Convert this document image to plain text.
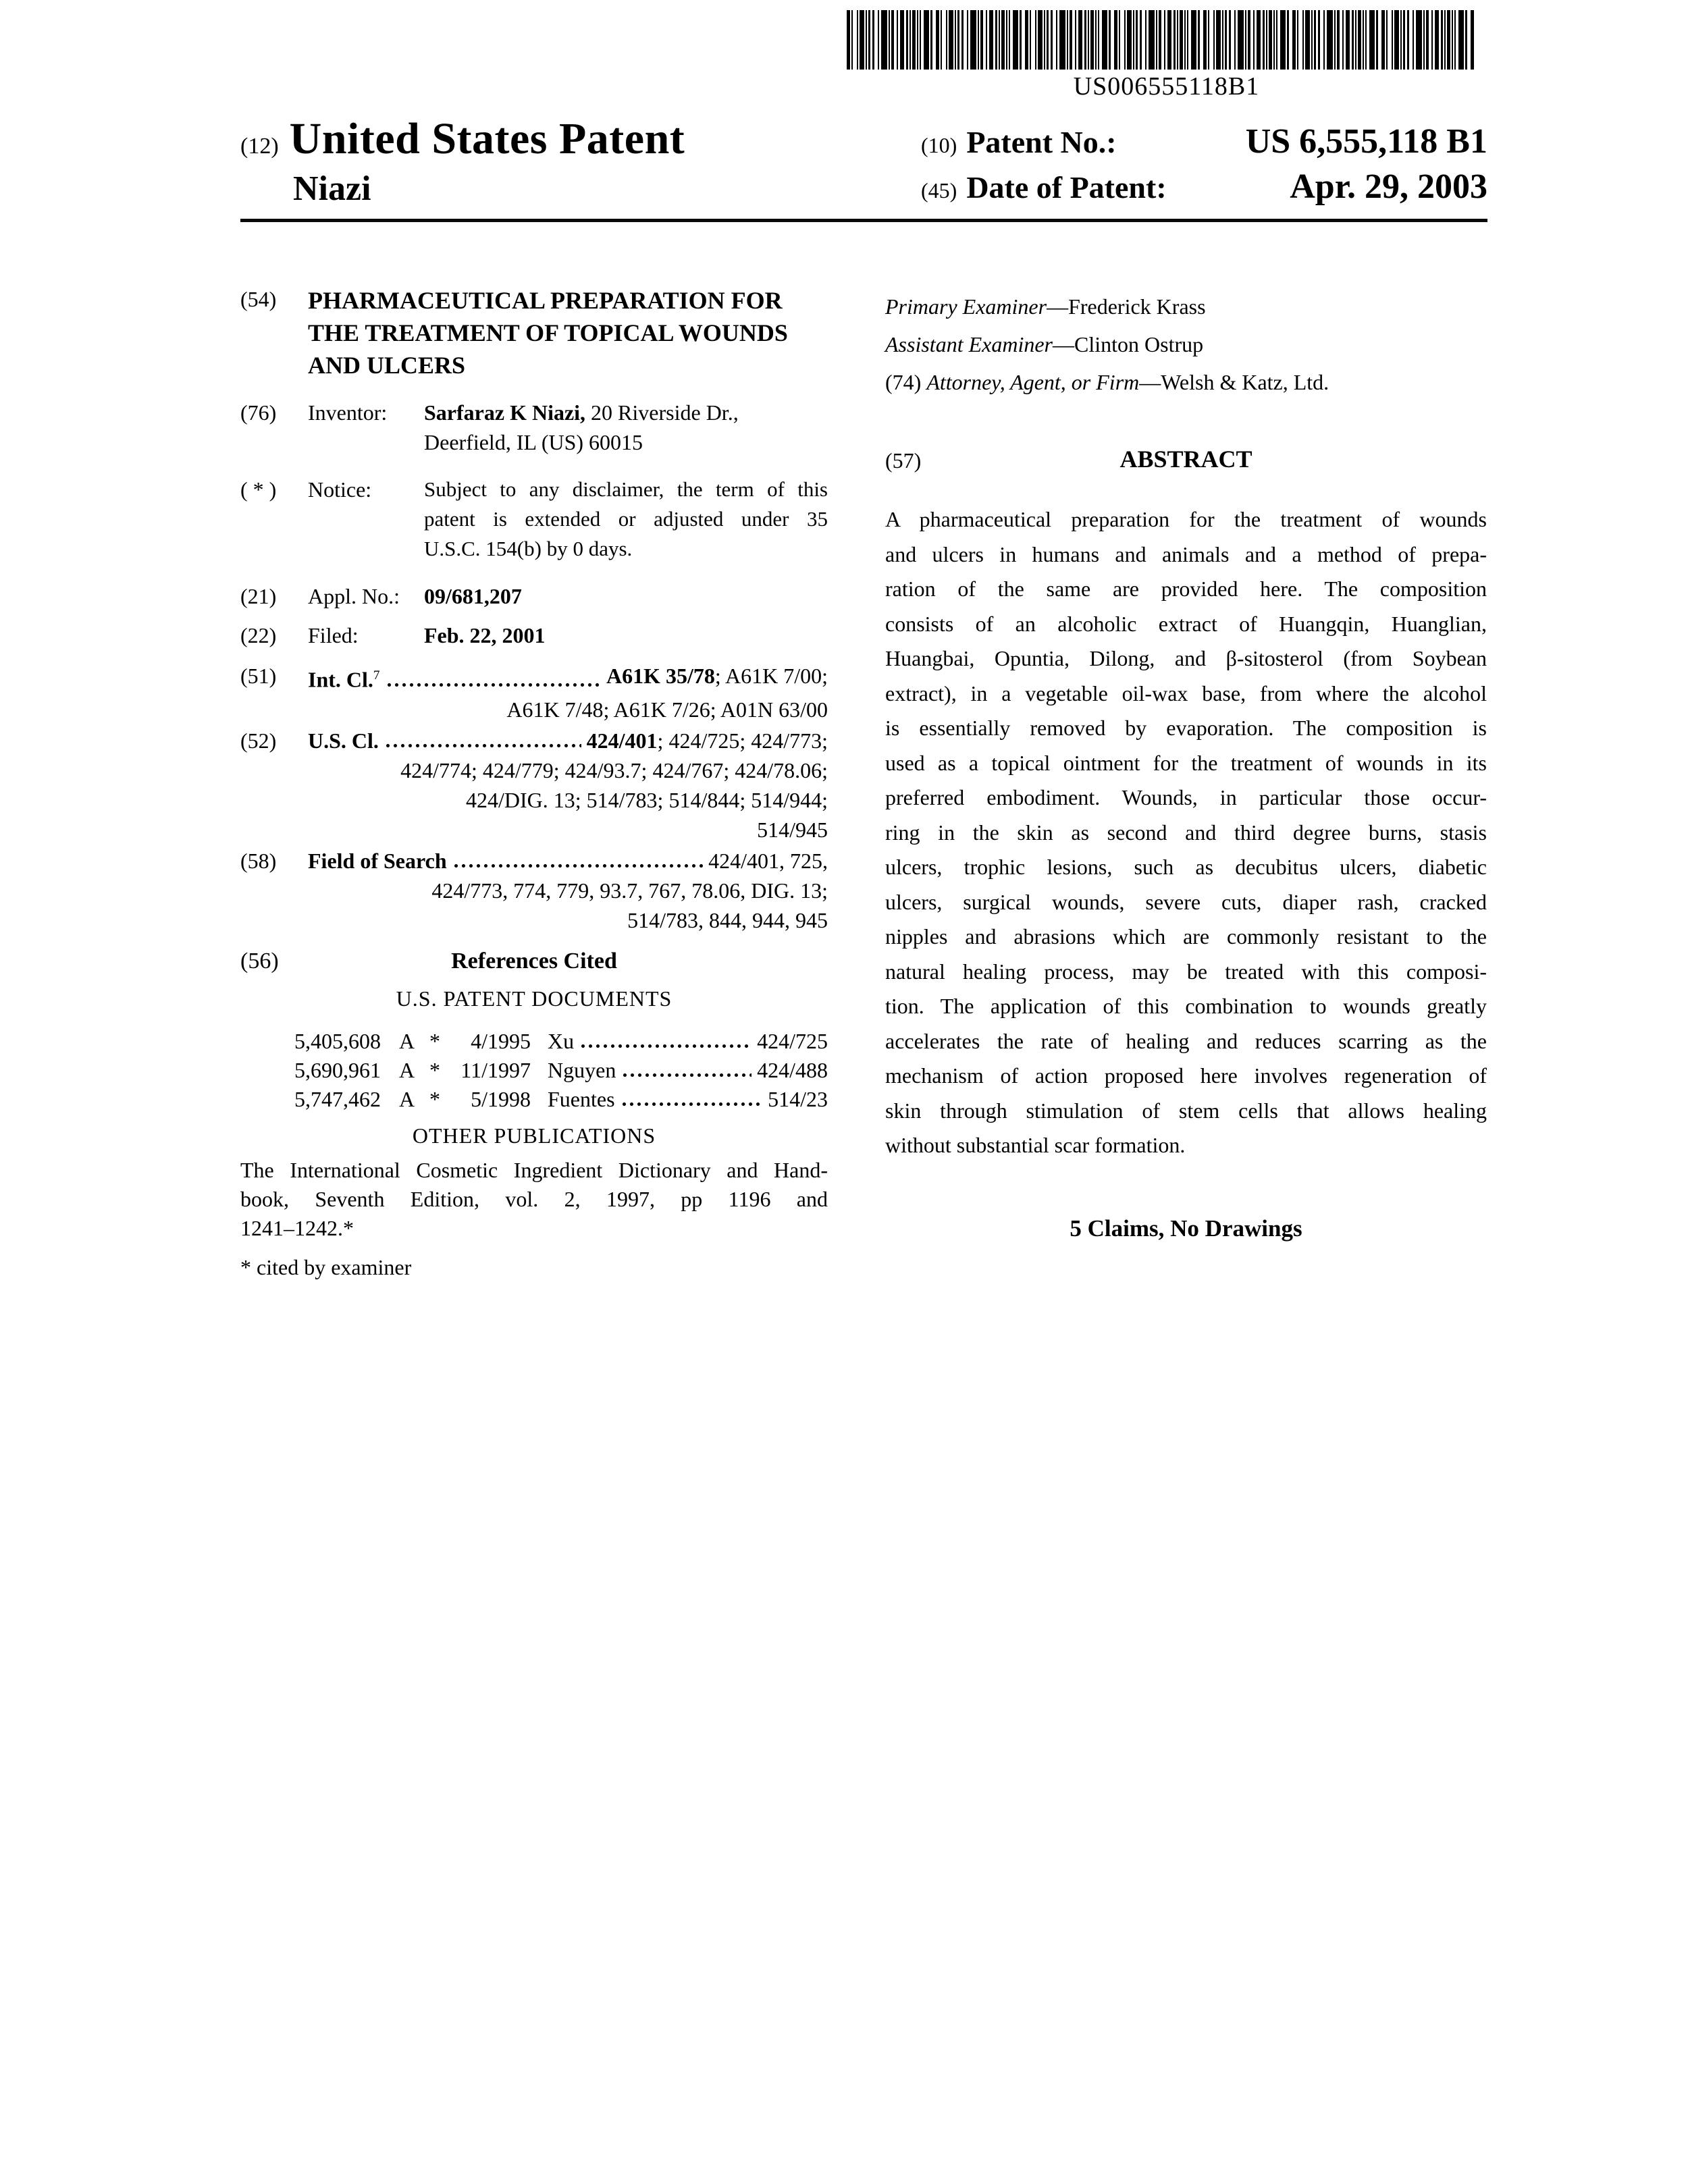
US006555118B1
(12) United States Patent
Niazi
(10) Patent No.:	US 6,555,118 B1
(45) Date of Patent:	Apr. 29, 2003
(54)	PHARMACEUTICAL PREPARATION FOR
THE TREATMENT OF TOPICAL WOUNDS
AND ULCERS
(76)	Inventor:	Sarfaraz K Niazi, 20 Riverside Dr.,
Deerfield, IL (US) 60015
( * )	Notice:	Subject to any disclaimer, the term of this
patent is extended or adjusted under 35
U.S.C. 154(b) by 0 days.
(21)	Appl. No.:	09/681,207
(22)	Filed:	Feb. 22, 2001
(51)	Int. Cl.$^7$	A61K 35/78; A61K 7/00;
A61K 7/48; A61K 7/26; A01N 63/00
(52)	U.S. Cl.	424/401; 424/725; 424/773;
424/774; 424/779; 424/93.7; 424/767; 424/78.06;
424/DIG. 13; 514/783; 514/844; 514/944;
514/945
(58)	Field of Search	424/401, 725,
424/773, 774, 779, 93.7, 767, 78.06, DIG. 13;
514/783, 844, 944, 945
(56)	References Cited
U.S. PATENT DOCUMENTS
5,405,608 A *	4/1995 Xu	424/725
5,690,961 A * 11/1997 Nguyen	424/488
5,747,462 A *	5/1998 Fuentes	514/23
OTHER PUBLICATIONS
The International Cosmetic Ingredient Dictionary and Hand-
book, Seventh Edition, vol. 2, 1997, pp 1196 and
1241–1242.*
* cited by examiner
Primary Examiner—Frederick Krass
Assistant Examiner—Clinton Ostrup
(74) Attorney, Agent, or Firm—Welsh & Katz, Ltd.
(57)	ABSTRACT
A pharmaceutical preparation for the treatment of wounds
and ulcers in humans and animals and a method of prepa-
ration of the same are provided here. The composition
consists of an alcoholic extract of Huangqin, Huanglian,
Huangbai, Opuntia, Dilong, and β-sitosterol (from Soybean
extract), in a vegetable oil-wax base, from where the alcohol
is essentially removed by evaporation. The composition is
used as a topical ointment for the treatment of wounds in its
preferred embodiment. Wounds, in particular those occur-
ring in the skin as second and third degree burns, stasis
ulcers, trophic lesions, such as decubitus ulcers, diabetic
ulcers, surgical wounds, severe cuts, diaper rash, cracked
nipples and abrasions which are commonly resistant to the
natural healing process, may be treated with this composi-
tion. The application of this combination to wounds greatly
accelerates the rate of healing and reduces scarring as the
mechanism of action proposed here involves regeneration of
skin through stimulation of stem cells that allows healing
without substantial scar formation.
5 Claims, No Drawings
